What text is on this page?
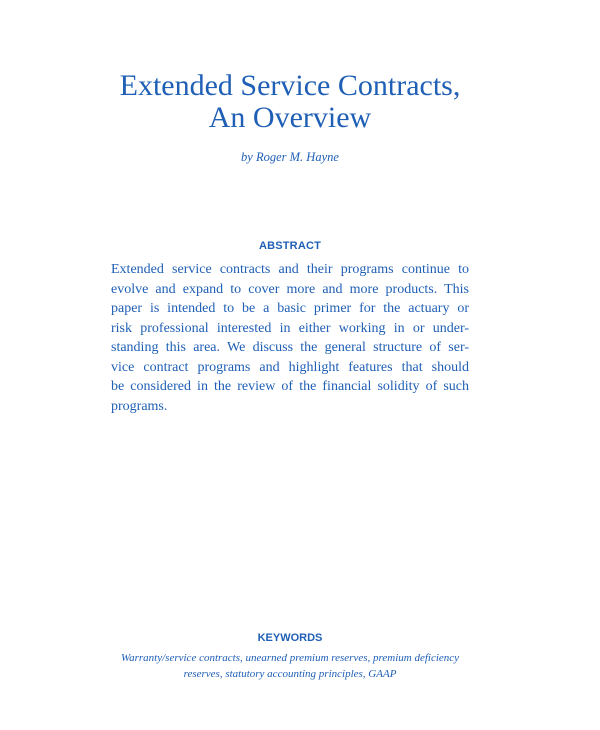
Extended Service Contracts,
An Overview
by Roger M. Hayne
ABSTRACT

Extended service contracts and their programs continue to
evolve and expand to cover more and more products. This
paper is intended to be a basic primer for the actuary or
risk professional interested in either working in or under-
standing this area. We discuss the general structure of ser-
vice contract programs and highlight features that should
be considered in the review of the financial solidity of such
programs.

KEYWORDS

Warranty/service contracts, unearned premium reserves, premium deficiency
reserves, statutory accounting principles, GAAP
